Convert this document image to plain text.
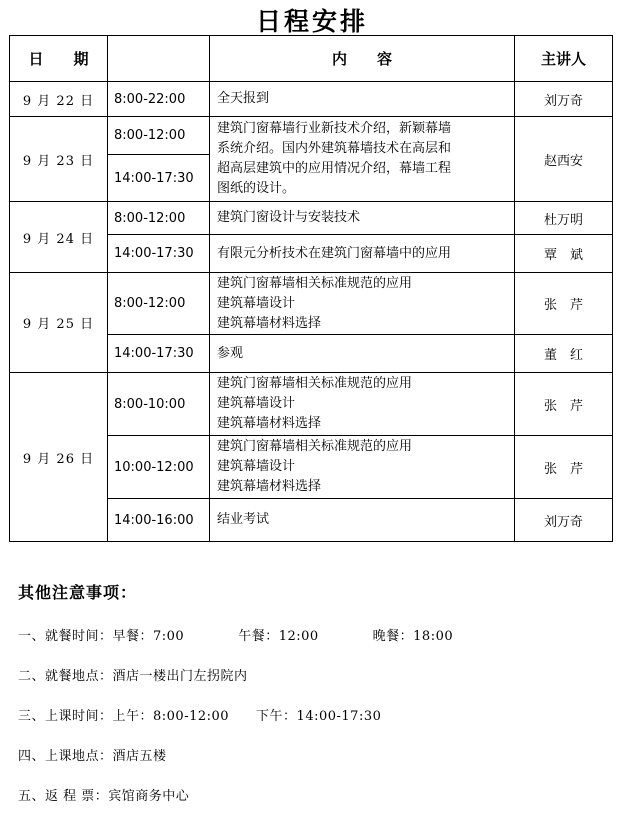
日程安排
日　　期		内　　容	主讲人
9 月 22 日	8:00-22:00	全天报到	刘万奇
9 月 23 日	8:00-12:00	建筑门窗幕墙行业新技术介绍，新颖幕墙
系统介绍。国内外建筑幕墙技术在高层和
超高层建筑中的应用情况介绍，幕墙工程
图纸的设计。	赵西安
	14:00-17:30		
9 月 24 日	8:00-12:00	建筑门窗设计与安装技术	杜万明
	14:00-17:30	有限元分析技术在建筑门窗幕墙中的应用	覃　斌
9 月 25 日	8:00-12:00	建筑门窗幕墙相关标准规范的应用
建筑幕墙设计
建筑幕墙材料选择	张　芹
	14:00-17:30	参观	董　红
9 月 26 日	8:00-10:00	建筑门窗幕墙相关标准规范的应用
建筑幕墙设计
建筑幕墙材料选择	张　芹
	10:00-12:00	建筑门窗幕墙相关标准规范的应用
建筑幕墙设计
建筑幕墙材料选择	张　芹
	14:00-16:00	结业考试	刘万奇
其他注意事项：
一、就餐时间：早餐：7:00　　　　午餐：12:00　　　　晚餐：18:00
二、就餐地点：酒店一楼出门左拐院内
三、上课时间：上午：8:00-12:00　　下午：14:00-17:30
四、上课地点：酒店五楼
五、返 程 票：宾馆商务中心
